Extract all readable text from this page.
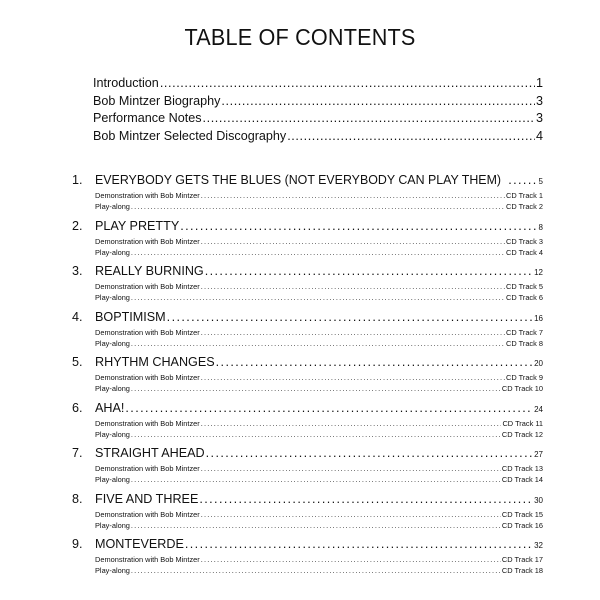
TABLE OF CONTENTS
Introduction .....	1
Bob Mintzer Biography .....	3
Performance Notes .....	3
Bob Mintzer Selected Discography .....	4
1. EVERYBODY GETS THE BLUES (NOT EVERYBODY CAN PLAY THEM) .....	5
Demonstration with Bob Mintzer .....	CD Track 1
Play-along .....	CD Track 2
2. PLAY PRETTY .....	8
Demonstration with Bob Mintzer .....	CD Track 3
Play-along .....	CD Track 4
3. REALLY BURNING .....	12
Demonstration with Bob Mintzer .....	CD Track 5
Play-along .....	CD Track 6
4. BOPTIMISM .....	16
Demonstration with Bob Mintzer .....	CD Track 7
Play-along .....	CD Track 8
5. RHYTHM CHANGES .....	20
Demonstration with Bob Mintzer .....	CD Track 9
Play-along .....	CD Track 10
6. AHA! .....	24
Demonstration with Bob Mintzer .....	CD Track 11
Play-along .....	CD Track 12
7. STRAIGHT AHEAD .....	27
Demonstration with Bob Mintzer .....	CD Track 13
Play-along .....	CD Track 14
8. FIVE AND THREE .....	30
Demonstration with Bob Mintzer .....	CD Track 15
Play-along .....	CD Track 16
9. MONTEVERDE .....	32
Demonstration with Bob Mintzer .....	CD Track 17
Play-along .....	CD Track 18
